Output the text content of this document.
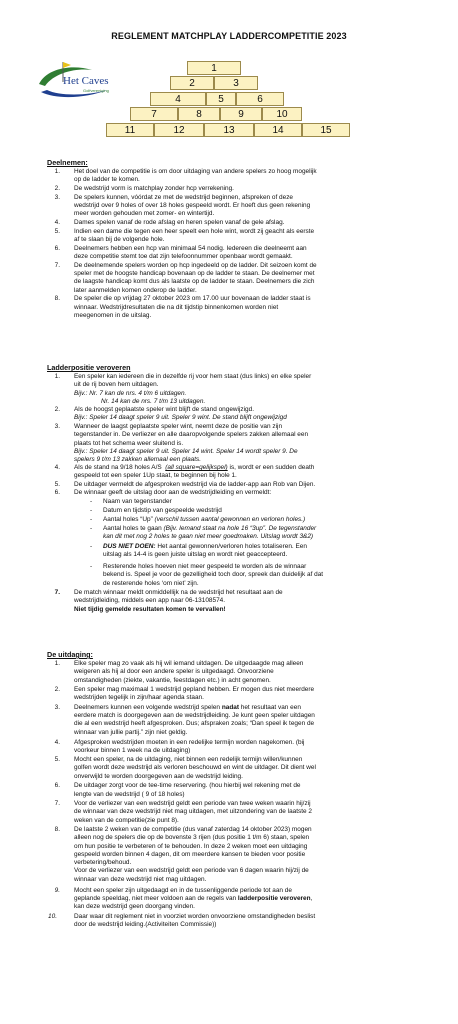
REGLEMENT MATCHPLAY LADDERCOMPETITIE 2023
Het Caves
Golfvereniging
1
2	3
4	5	6
7	8	9	10
11	12	13	14	15
Deelnemen:
1. Het doel van de competitie is om door uitdaging van andere spelers zo hoog mogelijk
op de ladder te komen.
2. De wedstrijd vorm is matchplay zonder hcp verrekening.
3. De spelers kunnen, vóórdat ze met de wedstrijd beginnen, afspreken of deze
wedstrijd over 9 holes of over 18 holes gespeeld wordt. Er hoeft dus geen rekening
meer worden gehouden met zomer- en wintertijd.
4. Dames spelen vanaf de rode afslag en heren spelen vanaf de gele afslag.
5. Indien een dame die tegen een heer speelt een hole wint, wordt zij geacht als eerste
af te slaan bij de volgende hole.
6. Deelnemers hebben een hcp van minimaal 54 nodig. Iedereen die deelneemt aan
deze competitie stemt toe dat zijn telefoonnummer openbaar wordt gemaakt.
7. De deelnemende spelers worden op hcp ingedeeld op de ladder. Dit seizoen komt de
speler met de hoogste handicap bovenaan op de ladder te staan. De deelnemer met
de laagste handicap komt dus als laatste op de ladder te staan. Deelnemers die zich
later aanmelden komen onderop de ladder.
8. De speler die op vrijdag 27 oktober 2023 om 17.00 uur bovenaan de ladder staat is
winnaar. Wedstrijdresultaten die na dit tijdstip binnenkomen worden niet
meegenomen in de uitslag.
Ladderpositie veroveren
1. Een speler kan iedereen die in dezelfde rij voor hem staat (dus links) en elke speler
uit de rij boven hem uitdagen.
Bijv.: Nr. 7 kan de nrs. 4 t/m 6 uitdagen.
Nr. 14 kan de nrs. 7 t/m 13 uitdagen.
2. Als de hoogst geplaatste speler wint blijft de stand ongewijzigd.
Bijv.: Speler 14 daagt speler 9 uit. Speler 9 wint. De stand blijft ongewijzigd
3. Wanneer de laagst geplaatste speler wint, neemt deze de positie van zijn
tegenstander in. De verliezer en alle daaropvolgende spelers zakken allemaal een
plaats tot het schema weer sluitend is.
Bijv.: Speler 14 daagt speler 9 uit. Speler 14 wint. Speler 14 wordt speler 9. De
spelers 9 t/m 13 zakken allemaal een plaats.
4. Als de stand na 9/18 holes A/S (all square=gelijkspel) is, wordt er een sudden death
gespeeld tot een speler 1Up staat, te beginnen bij hole 1.
5. De uitdager vermeldt de afgesproken wedstrijd via de ladder-app aan Rob van Dijen.
6. De winnaar geeft de uitslag door aan de wedstrijdleiding en vermeldt:
- Naam van tegenstander
- Datum en tijdstip van gespeelde wedstrijd
- Aantal holes “Up” (verschil tussen aantal gewonnen en verloren holes.)
- Aantal holes te gaan (Bijv. Iemand staat na hole 16 “3up”. De tegenstander
kan dit met nog 2 holes te gaan niet meer goedmaken. Uitslag wordt 3&2)
- DUS NIET DOEN: Het aantal gewonnen/verloren holes totaliseren. Een
uitslag als 14-4 is geen juiste uitslag en wordt niet geaccepteerd.
- Resterende holes hoeven niet meer gespeeld te worden als de winnaar
bekend is. Speel je voor de gezelligheid toch door, spreek dan duidelijk af dat
de resterende holes ‘om niet’ zijn.
7. De match winnaar meldt onmiddellijk na de wedstrijd het resultaat aan de
wedstrijdleiding, middels een app naar 06-13108574.
Niet tijdig gemelde resultaten komen te vervallen!
De uitdaging:
1. Elke speler mag zo vaak als hij wil iemand uitdagen. De uitgedaagde mag alleen
weigeren als hij al door een andere speler is uitgedaagd. Onvoorziene
omstandigheden (ziekte, vakantie, feestdagen etc.) in acht genomen.
2. Een speler mag maximaal 1 wedstrijd gepland hebben. Er mogen dus niet meerdere
wedstrijden tegelijk in zijn/haar agenda staan.
3. Deelnemers kunnen een volgende wedstrijd spelen nadat het resultaat van een
eerdere match is doorgegeven aan de wedstrijdleiding. Je kunt geen speler uitdagen
die al een wedstrijd heeft afgesproken. Dus; afspraken zoals; “Dan speel ik tegen de
winnaar van jullie partij.” zijn niet geldig.
4. Afgesproken wedstrijden moeten in een redelijke termijn worden nagekomen. (bij
voorkeur binnen 1 week na de uitdaging)
5. Mocht een speler, na de uitdaging, niet binnen een redelijk termijn willen/kunnen
golfen wordt deze wedstrijd als verloren beschouwd en wint de uitdager. Dit dient wel
onverwijld te worden doorgegeven aan de wedstrijd leiding.
6. De uitdager zorgt voor de tee-time reservering. (hou hierbij wel rekening met de
lengte van de wedstrijd ( 9 of 18 holes)
7. Voor de verliezer van een wedstrijd geldt een periode van twee weken waarin hij/zij
de winnaar van deze wedstrijd niet mag uitdagen, met uitzondering van de laatste 2
weken van de competitie(zie punt 8).
8. De laatste 2 weken van de competitie (dus vanaf zaterdag 14 oktober 2023) mogen
alleen nog de spelers die op de bovenste 3 rijen (dus positie 1 t/m 6) staan, spelen
om hun positie te verbeteren of te behouden. In deze 2 weken moet een uitdaging
gespeeld worden binnen 4 dagen, dit om meerdere kansen te bieden voor positie
verbetering/behoud.
Voor de verliezer van een wedstrijd geldt een periode van 6 dagen waarin hij/zij de
winnaar van deze wedstrijd niet mag uitdagen.
9. Mocht een speler zijn uitgedaagd en in de tussenliggende periode tot aan de
geplande speeldag, niet meer voldoen aan de regels van ladderpositie veroveren,
kan deze wedstrijd geen doorgang vinden.
10.	Daar waar dit reglement niet in voorziet worden onvoorziene omstandigheden beslist
door de wedstrijd leiding.(Activiteiten Commissie))
